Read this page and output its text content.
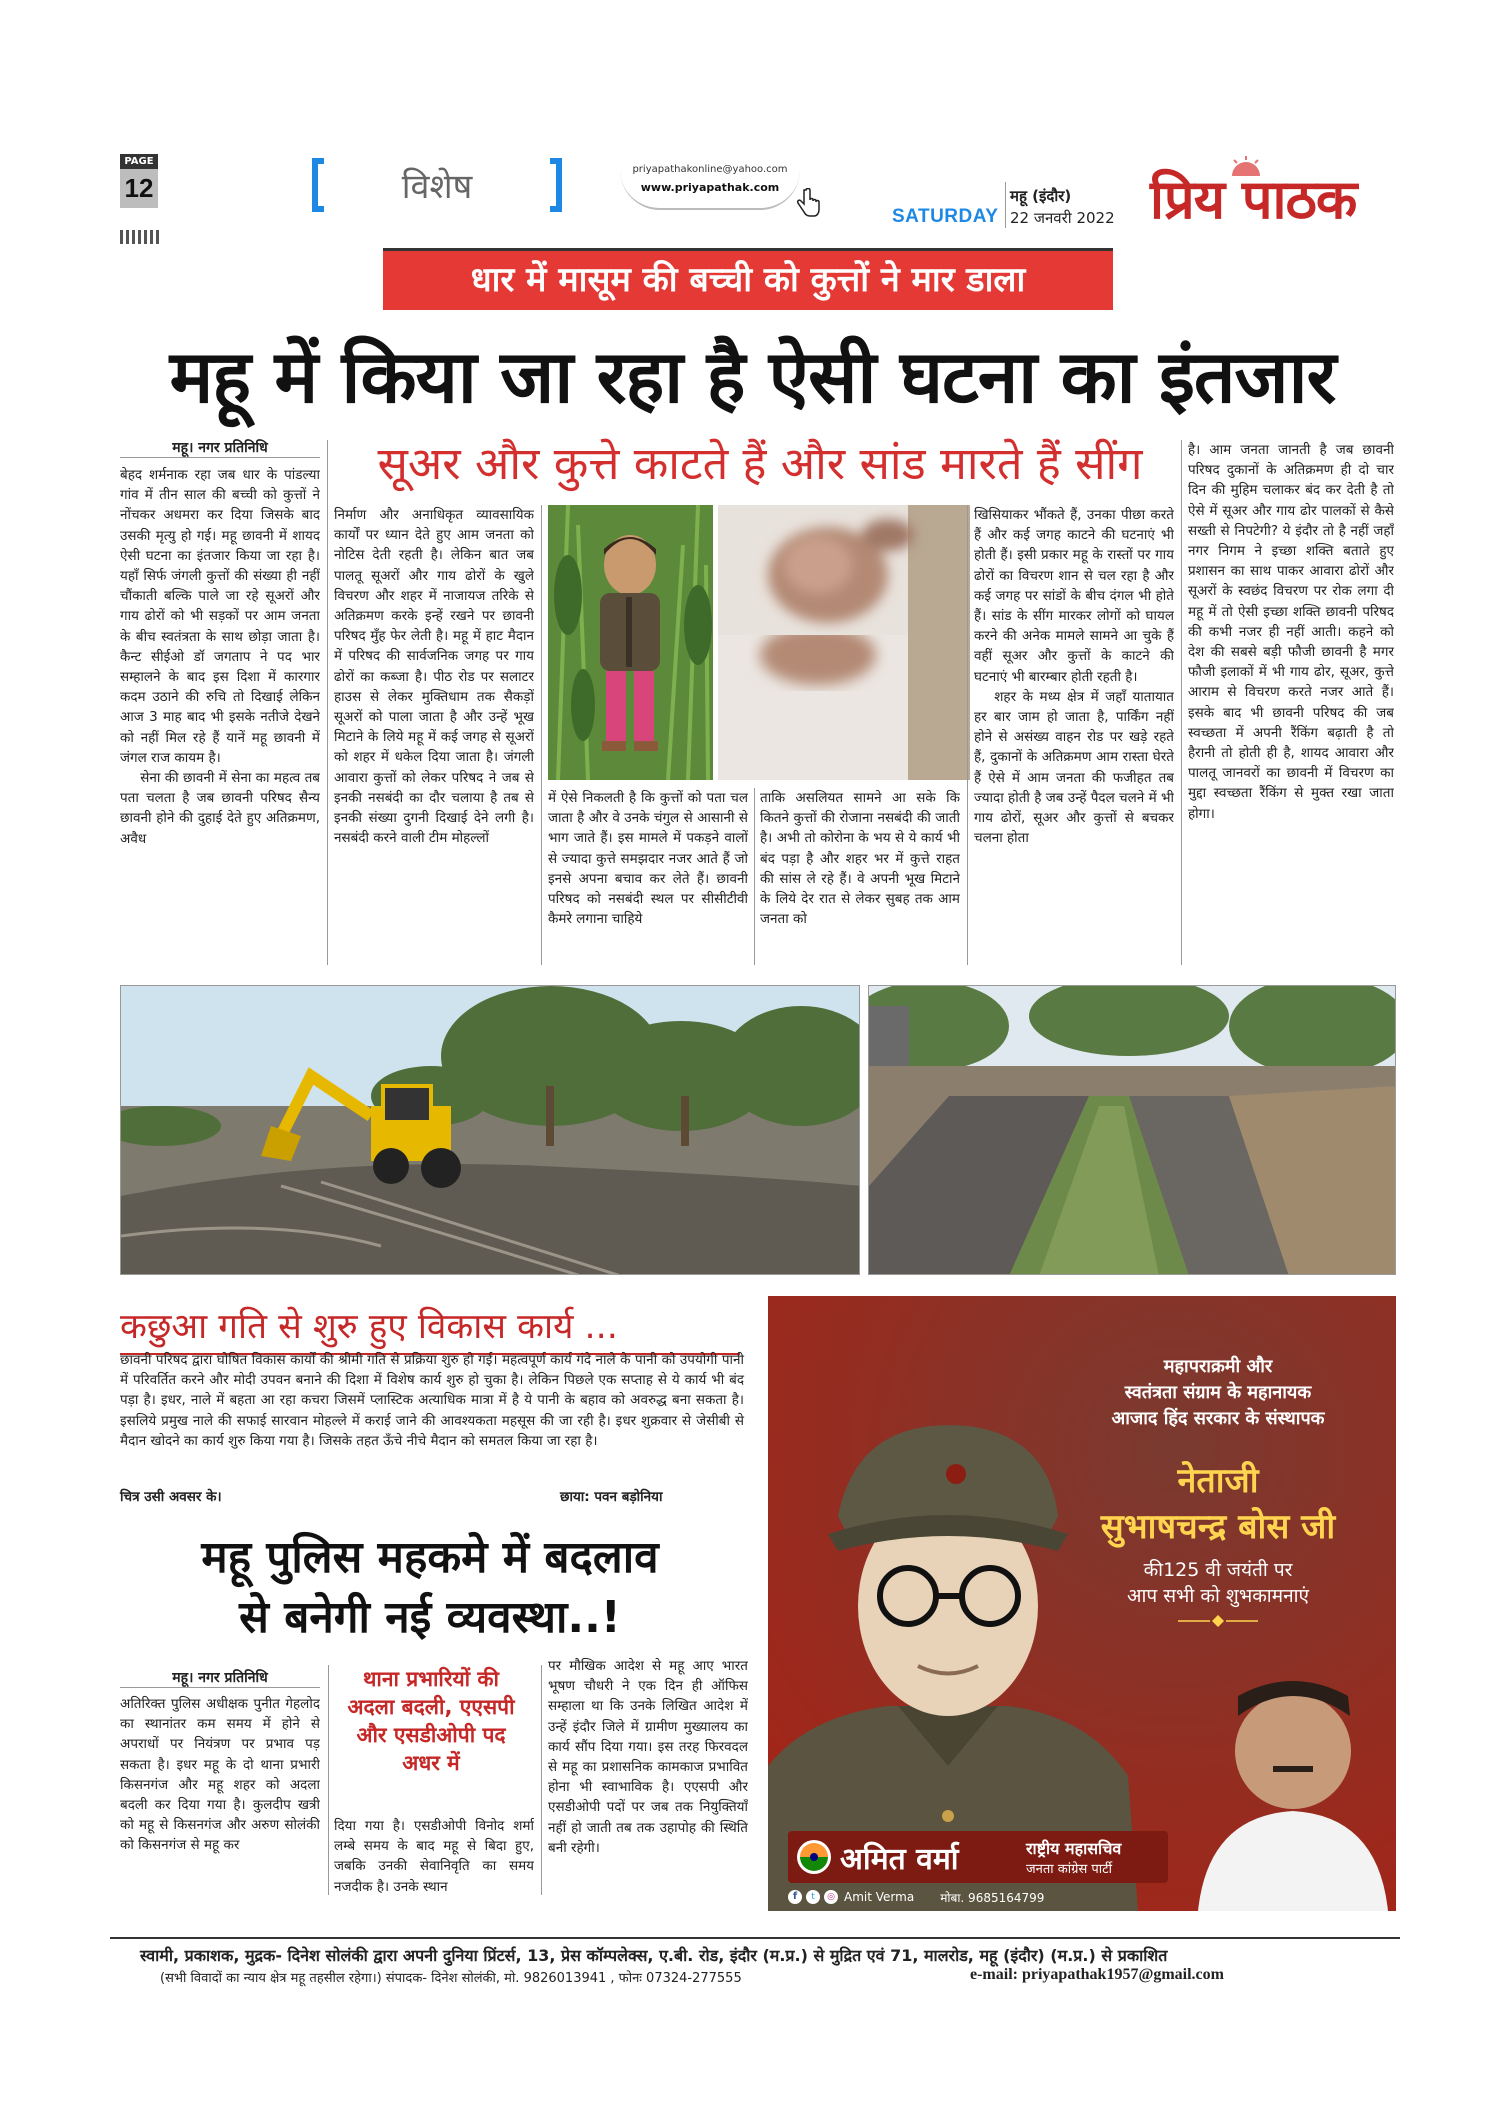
PAGE
12	विशेष	priyapathakonline@yahoo.com
www.priyapathak.com
SATURDAY
महू (इंदौर)
22 जनवरी 2022 प्रिय पाठक
धार में मासूम की बच्ची को कुत्तों ने मार डाला
महू में किया जा रहा है ऐसी घटना का इंतजार
सूअर और कुत्ते काटते हैं और सांड मारते हैं सींग
महू। नगर प्रतिनिधि

बेहद शर्मनाक रहा जब धार के पांडल्या गांव में तीन साल की बच्ची को कुत्तों ने नोंचकर अधमरा कर दिया जिसके बाद उसकी मृत्यु हो गई। महू छावनी में शायद ऐसी घटना का इंतजार किया जा रहा है। यहाँ सिर्फ जंगली कुत्तों की संख्या ही नहीं चौंकाती बल्कि पाले जा रहे सूअरों और गाय ढोरों को भी सड़कों पर आम जनता के बीच स्वतंत्रता के साथ छोड़ा जाता है। कैन्ट सीईओ डॉ जगताप ने पद भार सम्हालने के बाद इस दिशा में कारगार कदम उठाने की रुचि तो दिखाई लेकिन आज 3 माह बाद भी इसके नतीजे देखने को नहीं मिल रहे हैं यानें महू छावनी में जंगल राज कायम है।

सेना की छावनी में सेना का महत्व तब पता चलता है जब छावनी परिषद सैन्य छावनी होने की दुहाई देते हुए अतिक्रमण, अवैध

निर्माण और अनाधिकृत व्यावसायिक कार्यों पर ध्यान देते हुए आम जनता को नोटिस देती रहती है। लेकिन बात जब पालतू सूअरों और गाय ढोरों के खुले विचरण और शहर में नाजायज तरिके से अतिक्रमण करके इन्हें रखने पर छावनी परिषद मुँह फेर लेती है। महू में हाट मैदान में परिषद की सार्वजनिक जगह पर गाय ढोरों का कब्जा है। पीठ रोड पर सलाटर हाउस से लेकर मुक्तिधाम तक सैकड़ों सूअरों को पाला जाता है और उन्हें भूख मिटाने के लिये महू में कई जगह से सूअरों को शहर में धकेल दिया जाता है। जंगली आवारा कुत्तों को लेकर परिषद ने जब से इनकी नसबंदी का दौर चलाया है तब से इनकी संख्या दुगनी दिखाई देने लगी है। नसबंदी करने वाली टीम मोहल्लों

में ऐसे निकलती है कि कुत्तों को पता चल जाता है और वे उनके चंगुल से आसानी से भाग जाते हैं। इस मामले में पकड़ने वालों से ज्यादा कुत्ते समझदार नजर आते हैं जो इनसे अपना बचाव कर लेते हैं। छावनी परिषद को नसबंदी स्थल पर सीसीटीवी कैमरे लगाना चाहिये

ताकि असलियत सामने आ सके कि कितने कुत्तों की रोजाना नसबंदी की जाती है। अभी तो कोरोना के भय से ये कार्य भी बंद पड़ा है और शहर भर में कुत्ते राहत की सांस ले रहे हैं। वे अपनी भूख मिटाने के लिये देर रात से लेकर सुबह तक आम जनता को

खिसियाकर भौंकते हैं, उनका पीछा करते हैं और कई जगह काटने की घटनाएं भी होती हैं। इसी प्रकार महू के रास्तों पर गाय ढोरों का विचरण शान से चल रहा है और कई जगह पर सांडों के बीच दंगल भी होते हैं। सांड के सींग मारकर लोगों को घायल करने की अनेक मामले सामने आ चुके हैं वहीं सूअर और कुत्तों के काटने की घटनाएं भी बारम्बार होती रहती है।

शहर के मध्य क्षेत्र में जहाँ यातायात हर बार जाम हो जाता है, पार्किंग नहीं होने से असंख्य वाहन रोड पर खड़े रहते हैं, दुकानों के अतिक्रमण आम रास्ता घेरते हैं ऐसे में आम जनता की फजीहत तब ज्यादा होती है जब उन्हें पैदल चलने में भी गाय ढोरों, सूअर और कुत्तों से बचकर चलना होता

है। आम जनता जानती है जब छावनी परिषद दुकानों के अतिक्रमण ही दो चार दिन की मुहिम चलाकर बंद कर देती है तो ऐसे में सूअर और गाय ढोर पालकों से कैसे सख्ती से निपटेगी? ये इंदौर तो है नहीं जहाँ नगर निगम ने इच्छा शक्ति बताते हुए प्रशासन का साथ पाकर आवारा ढोरों और सूअरों के स्वछंद विचरण पर रोक लगा दी महू में तो ऐसी इच्छा शक्ति छावनी परिषद की कभी नजर ही नहीं आती। कहने को देश की सबसे बड़ी फौजी छावनी है मगर फौजी इलाकों में भी गाय ढोर, सूअर, कुत्ते आराम से विचरण करते नजर आते हैं। इसके बाद भी छावनी परिषद की जब स्वच्छता में अपनी रैंकिंग बढ़ाती है तो हैरानी तो होती ही है, शायद आवारा और पालतू जानवरों का छावनी में विचरण का मुद्दा स्वच्छता रैंकिंग से मुक्त रखा जाता होगा।

कछुआ गति से शुरु हुए विकास कार्य ...
छावनी परिषद द्वारा घोषित विकास कार्यों की श्रीमी गति से प्रक्रिया शुरु हो गई। महत्वपूर्ण कार्य गंदे नाले के पानी को उपयोगी पानी में परिवर्तित करने और मोदी उपवन बनाने की दिशा में विशेष कार्य शुरु हो चुका है। लेकिन पिछले एक सप्ताह से ये कार्य भी बंद पड़ा है। इधर, नाले में बहता आ रहा कचरा जिसमें प्लास्टिक अत्याधिक मात्रा में है ये पानी के बहाव को अवरुद्ध बना सकता है। इसलिये प्रमुख नाले की सफाई सारवान मोहल्ले में कराई जाने की आवश्यकता महसूस की जा रही है। इधर शुक्रवार से जेसीबी से मैदान खोदने का कार्य शुरु किया गया है। जिसके तहत ऊँचे नीचे मैदान को समतल किया जा रहा है।
चित्र उसी अवसर के।	छाया: पवन बड़ोनिया
महू पुलिस महकमे में बदलाव
से बनेगी नई व्यवस्था..!
महू। नगर प्रतिनिधि

अतिरिक्त पुलिस अधीक्षक पुनीत गेहलोद का स्थानांतर कम समय में होने से अपराधों पर नियंत्रण पर प्रभाव पड़ सकता है। इधर महू के दो थाना प्रभारी किसनगंज और महू शहर को अदला बदली कर दिया गया है। कुलदीप खत्री को महू से किसनगंज और अरुण सोलंकी को किसनगंज से महू कर

थाना प्रभारियों की अदला बदली, एएसपी और एसडीओपी पद अधर में

दिया गया है। एसडीओपी विनोद शर्मा लम्बे समय के बाद महू से बिदा हुए, जबकि उनकी सेवानिवृति का समय नजदीक है। उनके स्थान

पर मौखिक आदेश से महू आए भारत भूषण चौधरी ने एक दिन ही ऑफिस सम्हाला था कि उनके लिखित आदेश में उन्हें इंदौर जिले में ग्रामीण मुख्यालय का कार्य सौंप दिया गया। इस तरह फिरवदल से महू का प्रशासनिक कामकाज प्रभावित होना भी स्वाभाविक है। एएसपी और एसडीओपी पदों पर जब तक नियुक्तियाँ नहीं हो जाती तब तक उहापोह की स्थिति बनी रहेगी।

महापराक्रमी और
स्वतंत्रता संग्राम के महानायक
आजाद हिंद सरकार के संस्थापक
नेताजी
सुभाषचन्द्र बोस जी
की125 वी जयंती पर
आप सभी को शुभकामनाएं
अमित वर्मा	राष्ट्रीय महासचिव
जनता कांग्रेस पार्टी
f	t	◎ Amit Verma मोबा. 9685164799
स्वामी, प्रकाशक, मुद्रक- दिनेश सोलंकी द्वारा अपनी दुनिया प्रिंटर्स, 13, प्रेस कॉम्पलेक्स, ए.बी. रोड, इंदौर (म.प्र.) से मुद्रित एवं 71, मालरोड, महू (इंदौर) (म.प्र.) से प्रकाशित
(सभी विवादों का न्याय क्षेत्र महू तहसील रहेगा।) संपादक- दिनेश सोलंकी, मो. 9826013941 , फोनः 07324-277555	e-mail: priyapathak1957@gmail.com
